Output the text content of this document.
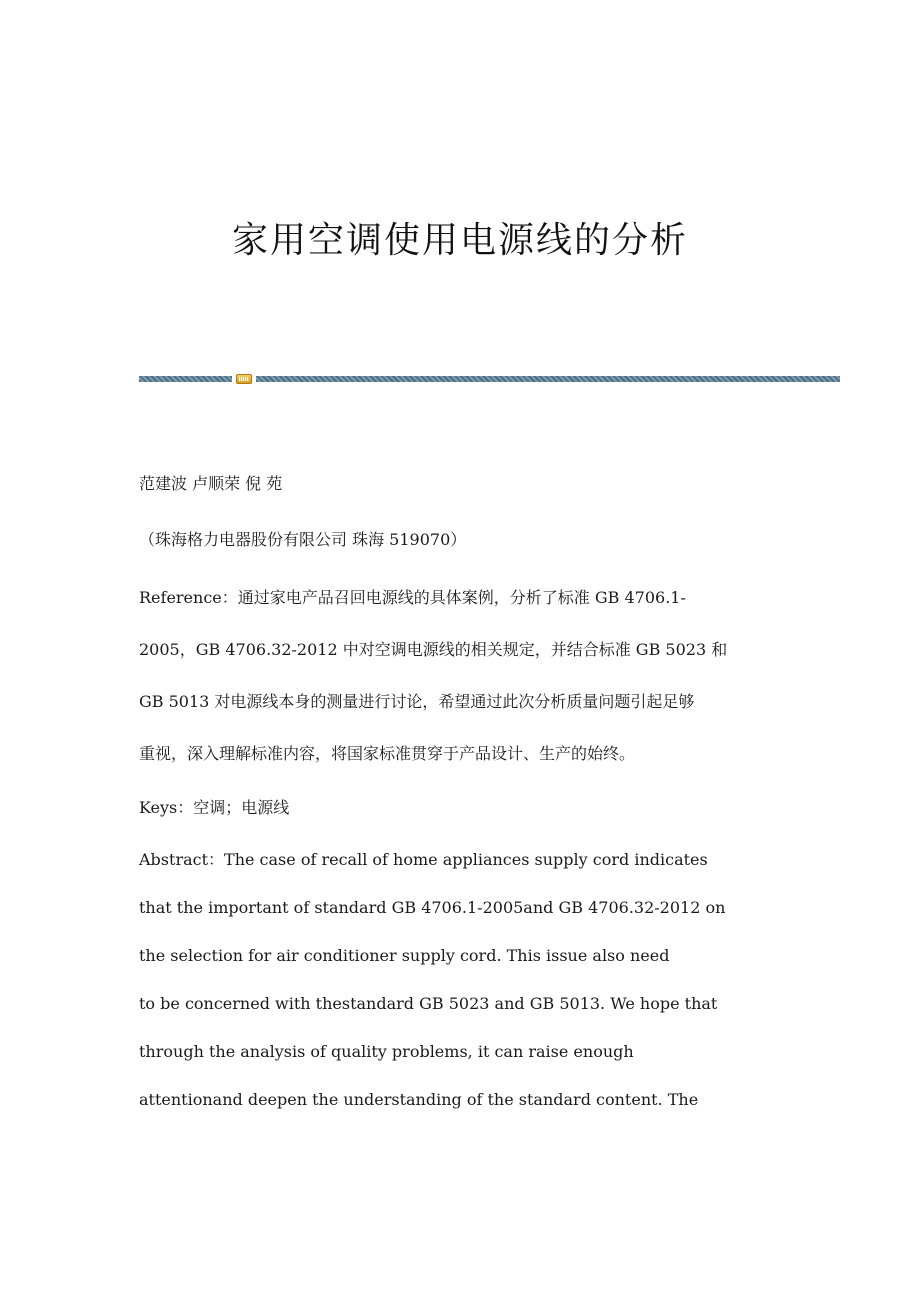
家用空调使用电源线的分析
范建波 卢顺荣 倪 苑
（珠海格力电器股份有限公司 珠海 519070）
Reference：通过家电产品召回电源线的具体案例，分析了标准 GB 4706.1-
2005，GB 4706.32-2012 中对空调电源线的相关规定，并结合标准 GB 5023 和
GB 5013 对电源线本身的测量进行讨论，希望通过此次分析质量问题引起足够
重视，深入理解标准内容，将国家标准贯穿于产品设计、生产的始终。
Keys：空调；电源线
Abstract：The case of recall of home appliances supply cord indicates
that the important of standard GB 4706.1-2005and GB 4706.32-2012 on
the selection for air conditioner supply cord. This issue also need
to be concerned with thestandard GB 5023 and GB 5013. We hope that
through the analysis of quality problems, it can raise enough
attentionand deepen the understanding of the standard content. The
